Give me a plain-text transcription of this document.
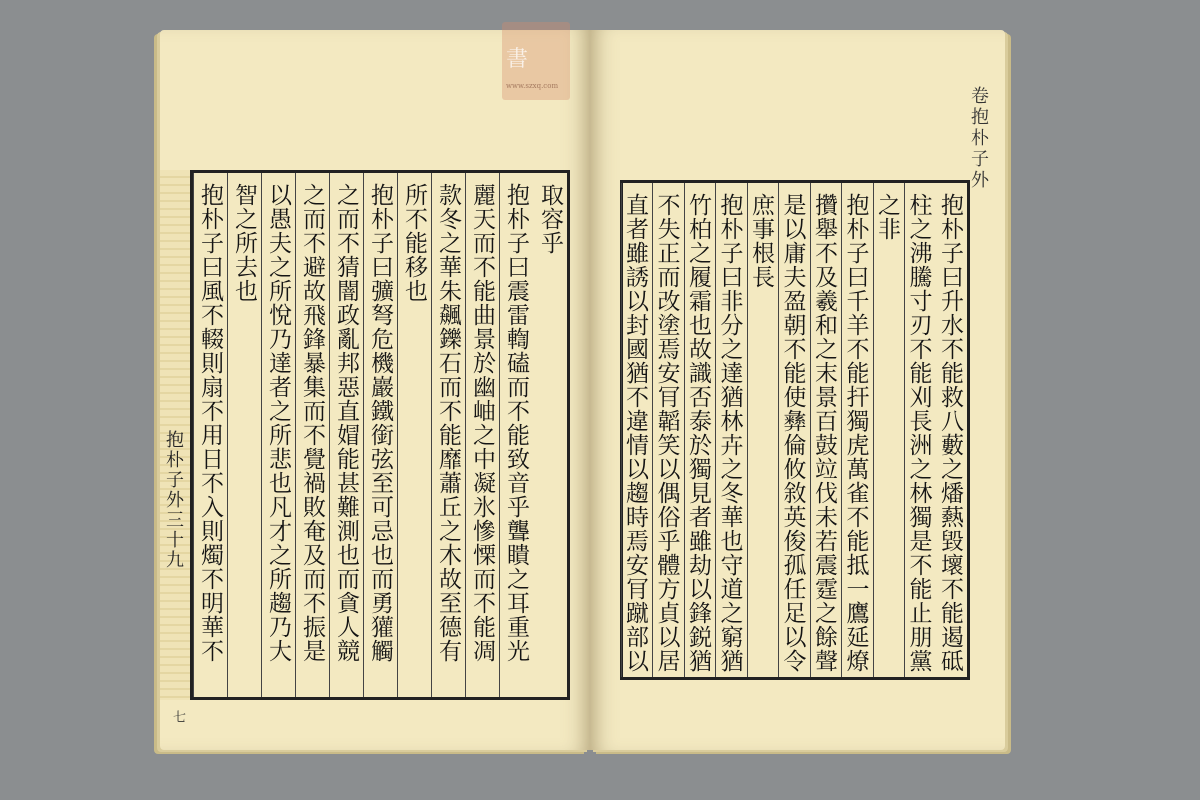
書
www.szxq.com
抱朴子外三十九
七
取容乎
抱朴子曰震雷輷磕而不能致音乎聾瞶之耳重光
麗天而不能曲景於幽岫之中凝氷慘慄而不能凋
款冬之華朱飆鑠石而不能靡蕭丘之木故至德有
所不能移也
抱朴子曰彍弩危機巖鐵銜弦至可忌也而勇獾觸
之而不猜闇政亂邦惡直媢能甚難測也而貪人競
之而不避故飛鋒暴集而不覺禍敗奄及而不振是
以愚夫之所悅乃達者之所悲也凡才之所趨乃大
智之所去也
抱朴子曰風不輟則扇不用日不入則燭不明華不
卷抱朴子外
抱朴子曰升水不能救八藪之燔爇毀壞不能遏砥
柱之沸騰寸刃不能刈長洲之林獨是不能止朋黨
之非
抱朴子曰千羊不能扞獨虎萬雀不能抵一鷹延燎
攢舉不及羲和之末景百鼓竝伐未若震霆之餘聲
是以庸夫盈朝不能使彝倫攸敘英俊孤任足以令
庶事根長
抱朴子曰非分之達猶林卉之冬華也守道之窮猶
竹柏之履霜也故識否泰於獨見者雖劫以鋒鋭猶
不失正而改塗焉安肎韜笑以偶俗乎體方貞以居
直者雖誘以封國猶不違情以趨時焉安肎蹴部以
